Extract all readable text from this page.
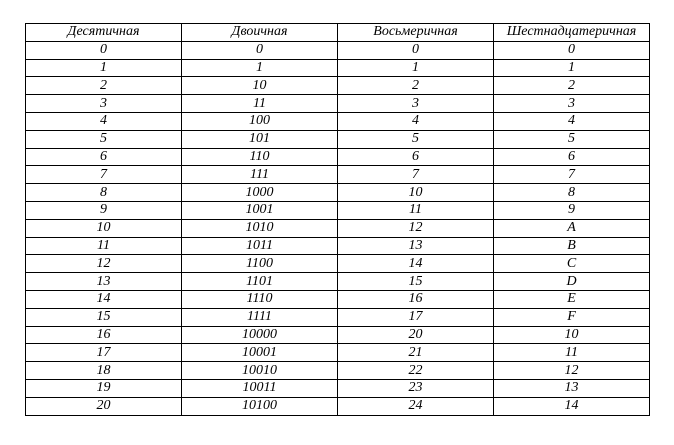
Десятичная	Двоичная	Восьмеричная	Шестнадцатеричная
0	0	0	0
1	1	1	1
2	10	2	2
3	11	3	3
4	100	4	4
5	101	5	5
6	110	6	6
7	111	7	7
8	1000	10	8
9	1001	11	9
10	1010	12	A
11	1011	13	B
12	1100	14	C
13	1101	15	D
14	1110	16	E
15	1111	17	F
16	10000	20	10
17	10001	21	11
18	10010	22	12
19	10011	23	13
20	10100	24	14
